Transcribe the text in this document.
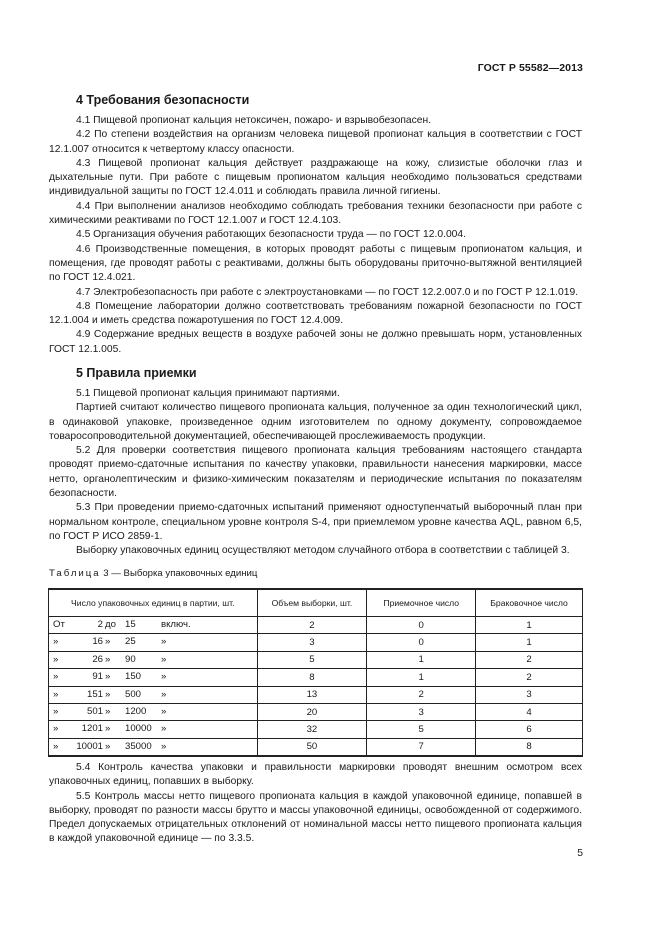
ГОСТ Р 55582—2013
4 Требования безопасности

4.1 Пищевой пропионат кальция нетоксичен, пожаро- и взрывобезопасен.

4.2 По степени воздействия на организм человека пищевой пропионат кальция в соответствии с ГОСТ 12.1.007 относится к четвертому классу опасности.

4.3 Пищевой пропионат кальция действует раздражающе на кожу, слизистые оболочки глаз и дыхательные пути. При работе с пищевым пропионатом кальция необходимо пользоваться средствами индивидуальной защиты по ГОСТ 12.4.011 и соблюдать правила личной гигиены.

4.4 При выполнении анализов необходимо соблюдать требования техники безопасности при работе с химическими реактивами по ГОСТ 12.1.007 и ГОСТ 12.4.103.

4.5 Организация обучения работающих безопасности труда — по ГОСТ 12.0.004.

4.6 Производственные помещения, в которых проводят работы с пищевым пропионатом кальция, и помещения, где проводят работы с реактивами, должны быть оборудованы приточно-вытяжной вентиляцией по ГОСТ 12.4.021.

4.7 Электробезопасность при работе с электроустановками — по ГОСТ 12.2.007.0 и по ГОСТ Р 12.1.019.

4.8 Помещение лаборатории должно соответствовать требованиям пожарной безопасности по ГОСТ 12.1.004 и иметь средства пожаротушения по ГОСТ 12.4.009.

4.9 Содержание вредных веществ в воздухе рабочей зоны не должно превышать норм, установленных ГОСТ 12.1.005.

5 Правила приемки

5.1 Пищевой пропионат кальция принимают партиями.

Партией считают количество пищевого пропионата кальция, полученное за один технологический цикл, в одинаковой упаковке, произведенное одним изготовителем по одному документу, сопровождаемое товаросопроводительной документацией, обеспечивающей прослеживаемость продукции.

5.2 Для проверки соответствия пищевого пропионата кальция требованиям настоящего стандарта проводят приемо-сдаточные испытания по качеству упаковки, правильности нанесения маркировки, массе нетто, органолептическим и физико-химическим показателям и периодические испытания по показателям безопасности.

5.3 При проведении приемо-сдаточных испытаний применяют одноступенчатый выборочный план при нормальном контроле, специальном уровне контроля S-4, при приемлемом уровне качества AQL, равном 6,5, по ГОСТ Р ИСО 2859-1.

Выборку упаковочных единиц осуществляют методом случайного отбора в соответствии с таблицей 3.

Таблица 3 — Выборка упаковочных единиц
Число упаковочных единиц в партии, шт.	Объем выборки, шт.	Приемочное число	Браковочное число

От 2 до 15 включ.	2	0	1

» 16 » 25 »	3	0	1

» 26 » 90 »	5	1	2

» 91 » 150 »	8	1	2

» 151 » 500 »	13	2	3

» 501 » 1200 »	20	3	4

» 1201 » 10000 »	32	5	6

» 10001 » 35000 »	50	7	8

5.4 Контроль качества упаковки и правильности маркировки проводят внешним осмотром всех упаковочных единиц, попавших в выборку.

5.5 Контроль массы нетто пищевого пропионата кальция в каждой упаковочной единице, попавшей в выборку, проводят по разности массы брутто и массы упаковочной единицы, освобожденной от содержимого. Предел допускаемых отрицательных отклонений от номинальной массы нетто пищевого пропионата кальция в каждой упаковочной единице — по 3.3.5.

5
